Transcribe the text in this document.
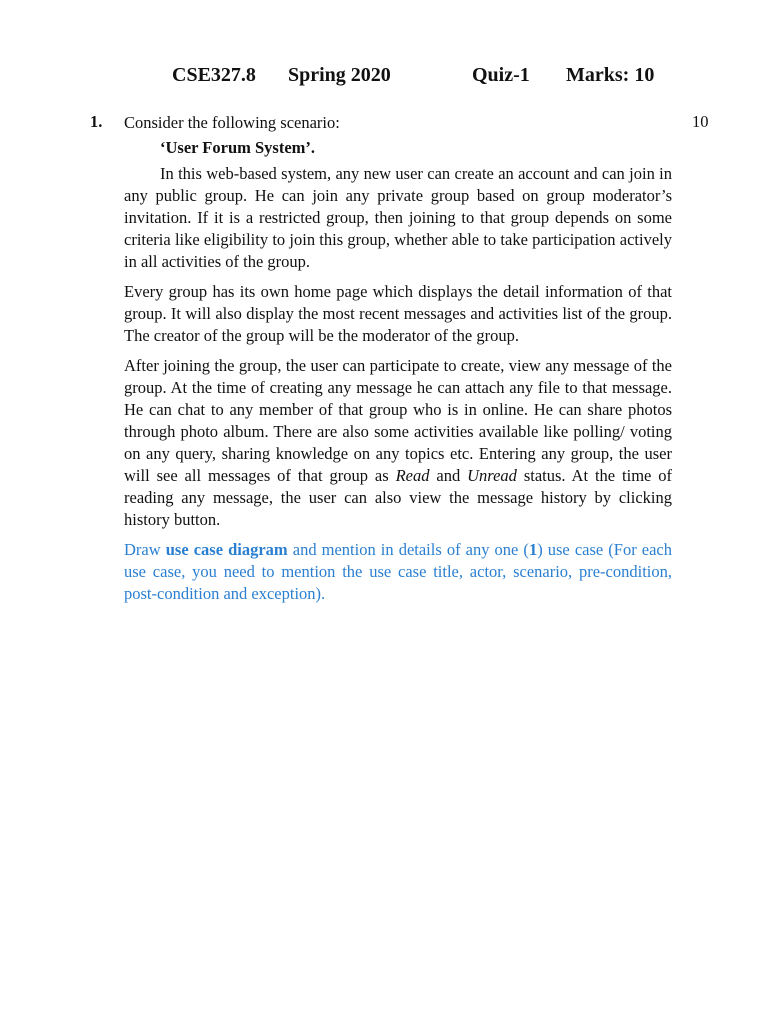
CSE327.8 Spring 2020	Quiz-1 Marks: 10
1.	10

Consider the following scenario:

‘User Forum System’.

In this web-based system, any new user can create an account and can join in any public group. He can join any private group based on group moderator’s invitation. If it is a restricted group, then joining to that group depends on some criteria like eligibility to join this group, whether able to take participation actively in all activities of the group.

Every group has its own home page which displays the detail information of that group. It will also display the most recent messages and activities list of the group. The creator of the group will be the moderator of the group.

After joining the group, the user can participate to create, view any message of the group. At the time of creating any message he can attach any file to that message. He can chat to any member of that group who is in online. He can share photos through photo album. There are also some activities available like polling/ voting on any query, sharing knowledge on any topics etc. Entering any group, the user will see all messages of that group as Read and Unread status. At the time of reading any message, the user can also view the message history by clicking history button.

Draw use case diagram and mention in details of any one (1) use case (For each use case, you need to mention the use case title, actor, scenario, pre-condition, post-condition and exception).
